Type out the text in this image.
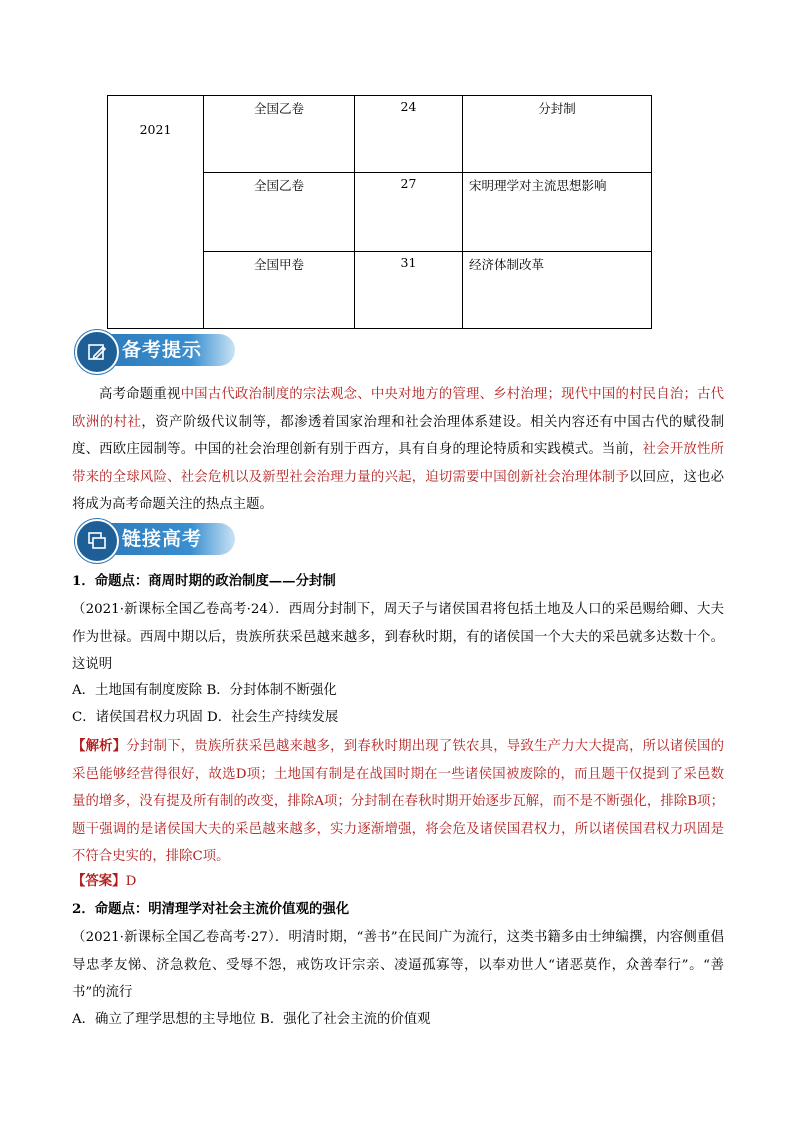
2021	全国乙卷	24	分封制
	全国乙卷	27	宋明理学对主流思想影响
	全国甲卷	31	经济体制改革
备考提示
高考命题重视中国古代政治制度的宗法观念、中央对地方的管理、乡村治理；现代中国的村民自治；古代欧洲的村社，资产阶级代议制等，都渗透着国家治理和社会治理体系建设。相关内容还有中国古代的赋役制度、西欧庄园制等。中国的社会治理创新有别于西方，具有自身的理论特质和实践模式。当前，社会开放性所带来的全球风险、社会危机以及新型社会治理力量的兴起，迫切需要中国创新社会治理体制予以回应，这也必将成为高考命题关注的热点主题。
链接高考
1．命题点：商周时期的政治制度——分封制
（2021·新课标全国乙卷高考·24）．西周分封制下，周天子与诸侯国君将包括土地及人口的采邑赐给卿、大夫作为世禄。西周中期以后，贵族所获采邑越来越多，到春秋时期，有的诸侯国一个大夫的采邑就多达数十个。这说明
A．土地国有制度废除 B．分封体制不断强化
C．诸侯国君权力巩固 D．社会生产持续发展
【解析】分封制下，贵族所获采邑越来越多，到春秋时期出现了铁农具，导致生产力大大提高，所以诸侯国的采邑能够经营得很好，故选D项；土地国有制是在战国时期在一些诸侯国被废除的，而且题干仅提到了采邑数量的增多，没有提及所有制的改变，排除A项；分封制在春秋时期开始逐步瓦解，而不是不断强化，排除B项；题干强调的是诸侯国大夫的采邑越来越多，实力逐渐增强，将会危及诸侯国君权力，所以诸侯国君权力巩固是不符合史实的，排除C项。
【答案】D
2．命题点：明清理学对社会主流价值观的强化
（2021·新课标全国乙卷高考·27）．明清时期，“善书”在民间广为流行，这类书籍多由士绅编撰，内容侧重倡导忠孝友悌、济急救危、受辱不怨，戒饬攻讦宗亲、凌逼孤寡等，以奉劝世人“诸恶莫作，众善奉行”。“善书”的流行
A．确立了理学思想的主导地位 B．强化了社会主流的价值观
